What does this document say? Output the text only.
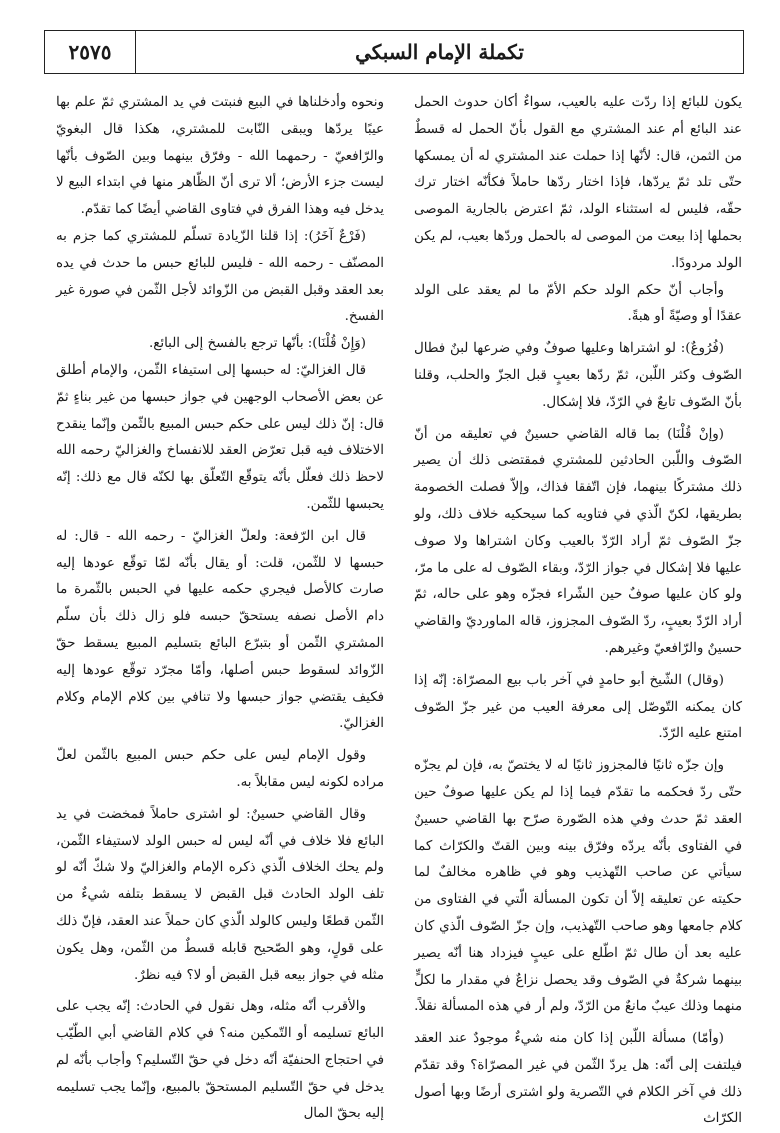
تكملة الإمام السبكي
٢٥٧٥

يكون للبائع إذا ردّت عليه بالعيب، سواءٌ أكان حدوث الحمل عند البائع أم عند المشتري مع القول بأنّ الحمل له قسطٌ من الثمن، قال: لأنّها إذا حملت عند المشتري له أن يمسكها حتّى تلد ثمّ يردّها، فإذا اختار ردّها حاملاً فكأنّه اختار ترك حقّه، فليس له استثناء الولد، ثمّ اعترض بالجارية الموصى بحملها إذا بيعت من الموصى له بالحمل وردّها بعيب، لم يكن الولد مردودًا.

وأجاب أنّ حكم الولد حكم الأمّ ما لم يعقد على الولد عقدًا أو وصيّةً أو هبةً.

(فُرُوعٌ): لو اشتراها وعليها صوفٌ وفي ضرعها لبنٌ فطال الصّوف وكثر اللّبن، ثمّ ردّها بعيبٍ قبل الجزّ والحلب، وقلنا بأنّ الصّوف تابعٌ في الرّدّ، فلا إشكال.

(وإنْ قُلْنَا) بما قاله القاضي حسينٌ في تعليقه من أنّ الصّوف واللّبن الحادثين للمشتري فمقتضى ذلك أن يصير ذلك مشتركًا بينهما، فإن اتّفقا فذاك، وإلاّ فصلت الخصومة بطريقها، لكنّ الّذي في فتاويه كما سيحكيه خلاف ذلك، ولو جزّ الصّوف ثمّ أراد الرّدّ بالعيب وكان اشتراها ولا صوف عليها فلا إشكال في جواز الرّدّ، وبقاء الصّوف له على ما مرّ، ولو كان عليها صوفٌ حين الشّراء فجزّه وهو على حاله، ثمّ أراد الرّدّ بعيبٍ، ردّ الصّوف المجزوز، قاله الماورديّ والقاضي حسينٌ والرّافعيّ وغيرهم.

(وقال) الشّيخ أبو حامدٍ في آخر باب بيع المصرّاة: إنّه إذا كان يمكنه التّوصّل إلى معرفة العيب من غير جزّ الصّوف امتنع عليه الرّدّ.

وإن جزّه ثانيًا فالمجزوز ثانيًا له لا يختصّ به، فإن لم يجزّه حتّى ردّ فحكمه ما تقدّم فيما إذا لم يكن عليها صوفٌ حين العقد ثمّ حدث وفي هذه الصّورة صرّح بها القاضي حسينٌ في الفتاوى بأنّه يردّه وفرّق بينه وبين القتّ والكرّاث كما سيأتي عن صاحب التّهذيب وهو في ظاهره مخالفٌ لما حكيته عن تعليقه إلاّ أن تكون المسألة الّتي في الفتاوى من كلام جامعها وهو صاحب التّهذيب، وإن جزّ الصّوف الّذي كان عليه بعد أن طال ثمّ اطّلع على عيبٍ فيزداد هنا أنّه يصير بينهما شركةٌ في الصّوف وقد يحصل نزاعٌ في مقدار ما لكلٍّ منهما وذلك عيبٌ مانعٌ من الرّدّ، ولم أر في هذه المسألة نقلاً.

(وأمّا) مسألة اللّبن إذا كان منه شيءٌ موجودٌ عند العقد فيلتفت إلى أنّه: هل يردّ الثّمن في غير المصرّاة؟ وقد تقدّم ذلك في آخر الكلام في التّصرية ولو اشترى أرضًا وبها أصول الكرّاث

ونحوه وأدخلناها في البيع فنبتت في يد المشتري ثمّ علم بها عيبًا يردّها ويبقى النّابت للمشتري، هكذا قال البغويّ والرّافعيّ - رحمهما الله - وفرّق بينهما وبين الصّوف بأنّها ليست جزء الأرض؛ ألا ترى أنّ الظّاهر منها في ابتداء البيع لا يدخل فيه وهذا الفرق في فتاوى القاضي أيضًا كما تقدّم.

(فَرْعٌ آخَرُ): إذا قلنا الزّيادة تسلّم للمشتري كما جزم به المصنّف - رحمه الله - فليس للبائع حبس ما حدث في يده بعد العقد وقبل القبض من الزّوائد لأجل الثّمن في صورة غير الفسخ.

(وَإِنْ قُلْنَا): بأنّها ترجع بالفسخ إلى البائع.

قال الغزاليّ: له حبسها إلى استيفاء الثّمن، والإمام أطلق عن بعض الأصحاب الوجهين في جواز حبسها من غير بناءٍ ثمّ قال: إنّ ذلك ليس على حكم حبس المبيع بالثّمن وإنّما ينقدح الاختلاف فيه قبل تعرّض العقد للانفساخ والغزاليّ رحمه الله لاحظ ذلك فعلّل بأنّه يتوقّع التّعلّق بها لكنّه قال مع ذلك: إنّه يحبسها للثّمن.

قال ابن الرّفعة: ولعلّ الغزاليّ - رحمه الله - قال: له حبسها لا للثّمن، قلت: أو يقال بأنّه لمّا توقّع عودها إليه صارت كالأصل فيجري حكمه عليها في الحبس بالثّمرة ما دام الأصل نصفه يستحقّ حبسه فلو زال ذلك بأن سلّم المشتري الثّمن أو بتبرّع البائع بتسليم المبيع يسقط حقّ الزّوائد لسقوط حبس أصلها، وأمّا مجرّد توقّع عودها إليه فكيف يقتضي جواز حبسها ولا تنافي بين كلام الإمام وكلام الغزاليّ.

وقول الإمام ليس على حكم حبس المبيع بالثّمن لعلّ مراده لكونه ليس مقابلاً به.

وقال القاضي حسينٌ: لو اشترى حاملاً فمخضت في يد البائع فلا خلاف في أنّه ليس له حبس الولد لاستيفاء الثّمن، ولم يحك الخلاف الّذي ذكره الإمام والغزاليّ ولا شكّ أنّه لو تلف الولد الحادث قبل القبض لا يسقط بتلفه شيءٌ من الثّمن قطعًا وليس كالولد الّذي كان حملاً عند العقد، فإنّ ذلك على قولٍ، وهو الصّحيح قابله قسطٌ من الثّمن، وهل يكون مثله في جواز بيعه قبل القبض أو لا؟ فيه نظرٌ.

والأقرب أنّه مثله، وهل نقول في الحادث: إنّه يجب على البائع تسليمه أو التّمكين منه؟ في كلام القاضي أبي الطّيّب في احتجاج الحنفيّة أنّه دخل في حقّ التّسليم؟ وأجاب بأنّه لم يدخل في حقّ التّسليم المستحقّ بالمبيع، وإنّما يجب تسليمه إليه بحقّ المال
